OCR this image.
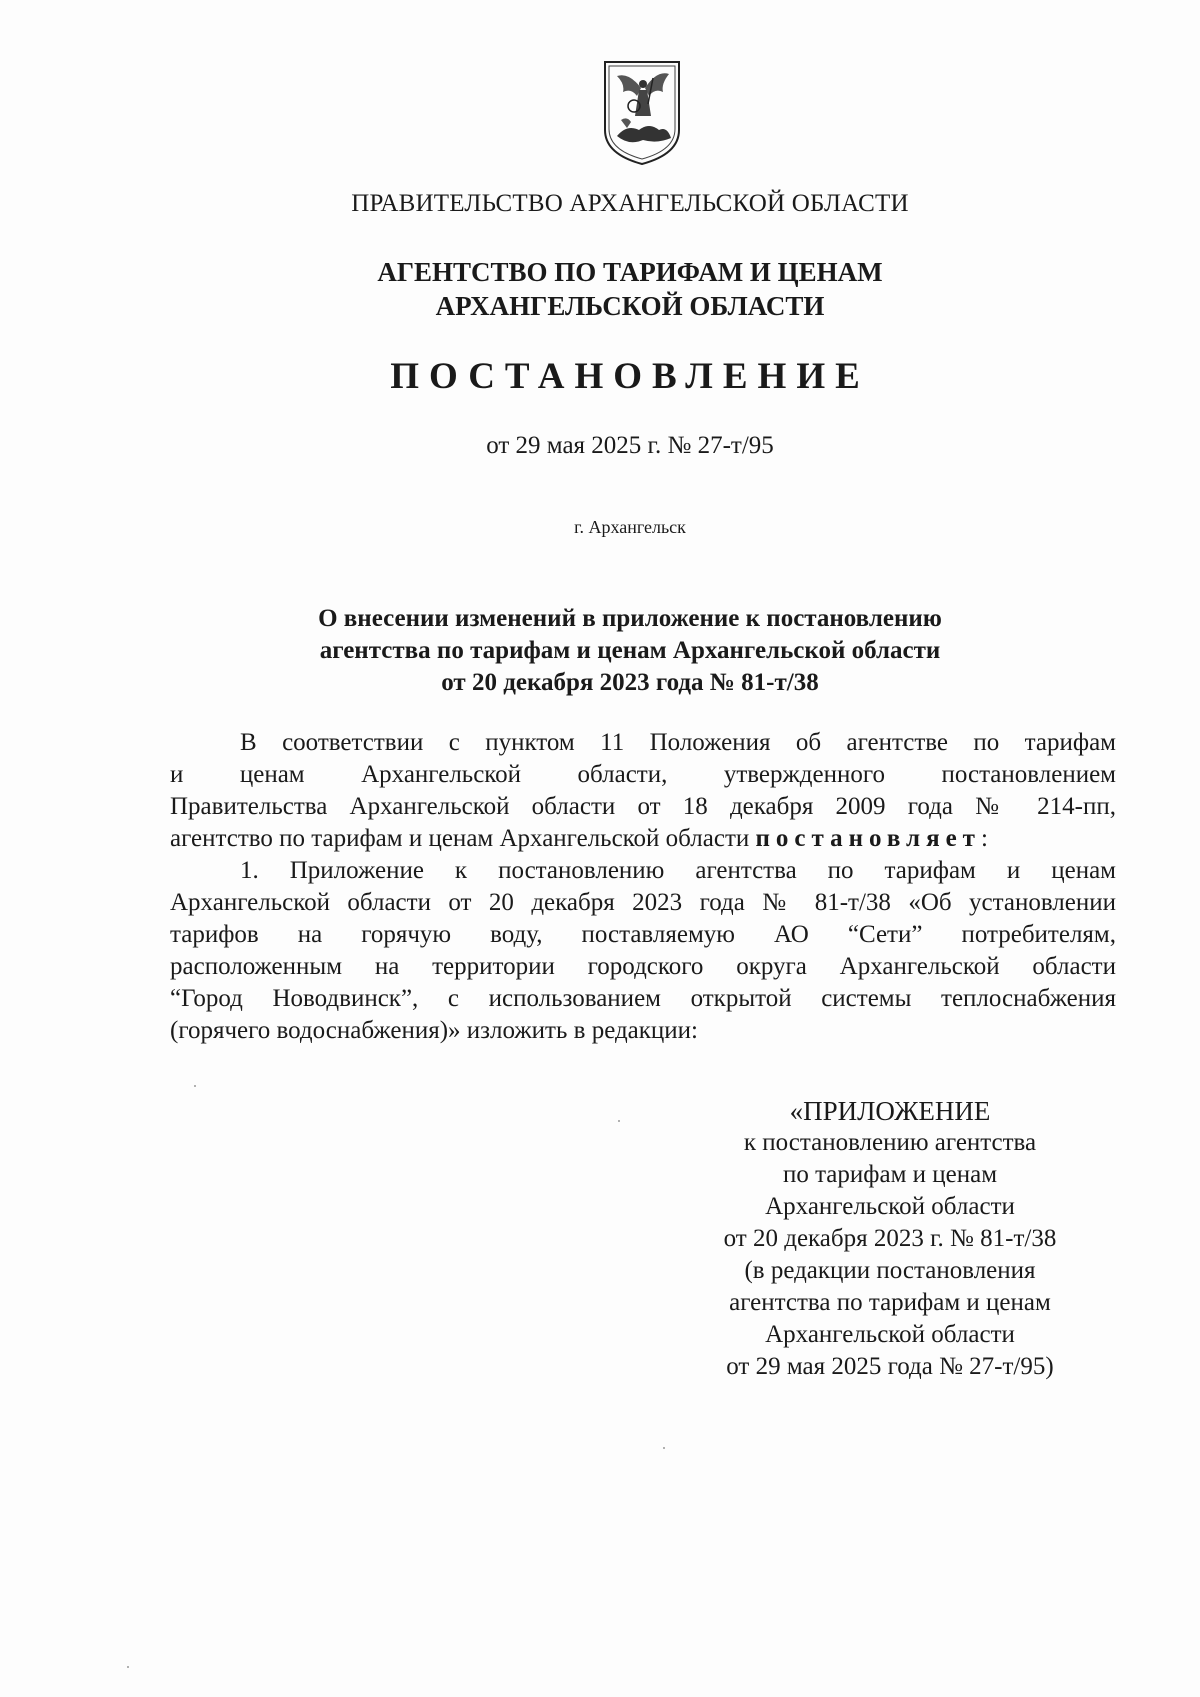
ПРАВИТЕЛЬСТВО АРХАНГЕЛЬСКОЙ ОБЛАСТИ
АГЕНТСТВО ПО ТАРИФАМ И ЦЕНАМ
АРХАНГЕЛЬСКОЙ ОБЛАСТИ
ПОСТАНОВЛЕНИЕ
от 29 мая 2025 г. № 27-т/95
г. Архангельск
О внесении изменений в приложение к постановлению
агентства по тарифам и ценам Архангельской области
от 20 декабря 2023 года № 81-т/38
В соответствии с пунктом 11 Положения об агентстве по тарифам
и ценам Архангельской области, утвержденного постановлением
Правительства Архангельской области от 18 декабря 2009 года № 214-пп,
агентство по тарифам и ценам Архангельской области постановляет:
1. Приложение к постановлению агентства по тарифам и ценам
Архангельской области от 20 декабря 2023 года № 81-т/38 «Об установлении
тарифов на горячую воду, поставляемую АО “Сети” потребителям,
расположенным на территории городского округа Архангельской области
“Город Новодвинск”, с использованием открытой системы теплоснабжения
(горячего водоснабжения)» изложить в редакции:
«ПРИЛОЖЕНИЕ
к постановлению агентства
по тарифам и ценам
Архангельской области
от 20 декабря 2023 г. № 81-т/38
(в редакции постановления
агентства по тарифам и ценам
Архангельской области
от 29 мая 2025 года № 27-т/95)
